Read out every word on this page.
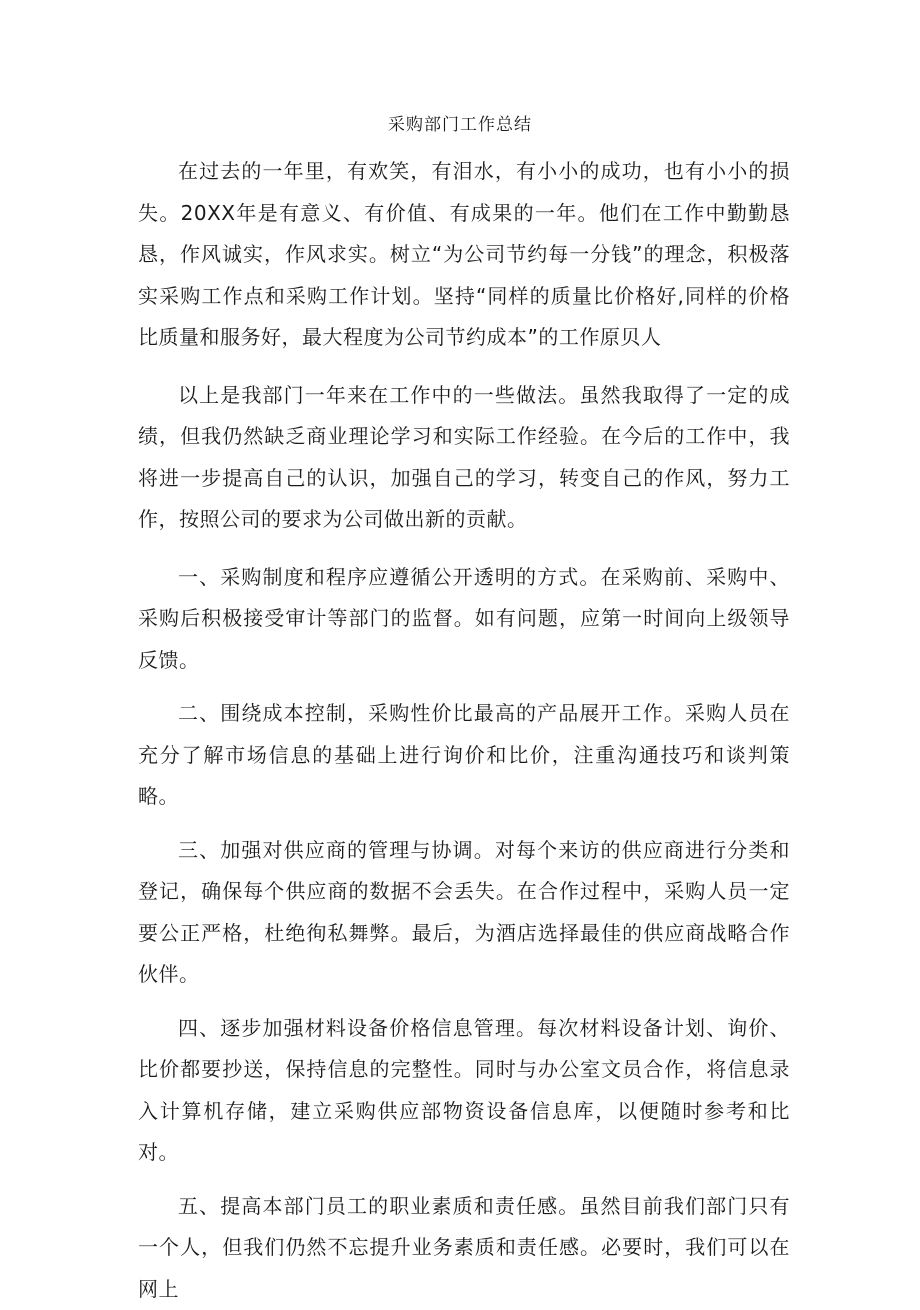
采购部门工作总结

在过去的一年里，有欢笑，有泪水，有小小的成功，也有小小的损失。20XX年是有意义、有价值、有成果的一年。他们在工作中勤勤恳恳，作风诚实，作风求实。树立“为公司节约每一分钱”的理念，积极落实采购工作点和采购工作计划。坚持“同样的质量比价格好,同样的价格比质量和服务好，最大程度为公司节约成本”的工作原贝人

以上是我部门一年来在工作中的一些做法。虽然我取得了一定的成绩，但我仍然缺乏商业理论学习和实际工作经验。在今后的工作中，我将进一步提高自己的认识，加强自己的学习，转变自己的作风，努力工作，按照公司的要求为公司做出新的贡献。

一、采购制度和程序应遵循公开透明的方式。在采购前、采购中、采购后积极接受审计等部门的监督。如有问题，应第一时间向上级领导反馈。

二、围绕成本控制，采购性价比最高的产品展开工作。采购人员在充分了解市场信息的基础上进行询价和比价，注重沟通技巧和谈判策略。

三、加强对供应商的管理与协调。对每个来访的供应商进行分类和登记，确保每个供应商的数据不会丢失。在合作过程中，采购人员一定要公正严格，杜绝徇私舞弊。最后，为酒店选择最佳的供应商战略合作伙伴。

四、逐步加强材料设备价格信息管理。每次材料设备计划、询价、比价都要抄送，保持信息的完整性。同时与办公室文员合作，将信息录入计算机存储，建立采购供应部物资设备信息库，以便随时参考和比对。

五、提高本部门员工的职业素质和责任感。虽然目前我们部门只有一个人，但我们仍然不忘提升业务素质和责任感。必要时，我们可以在网上
